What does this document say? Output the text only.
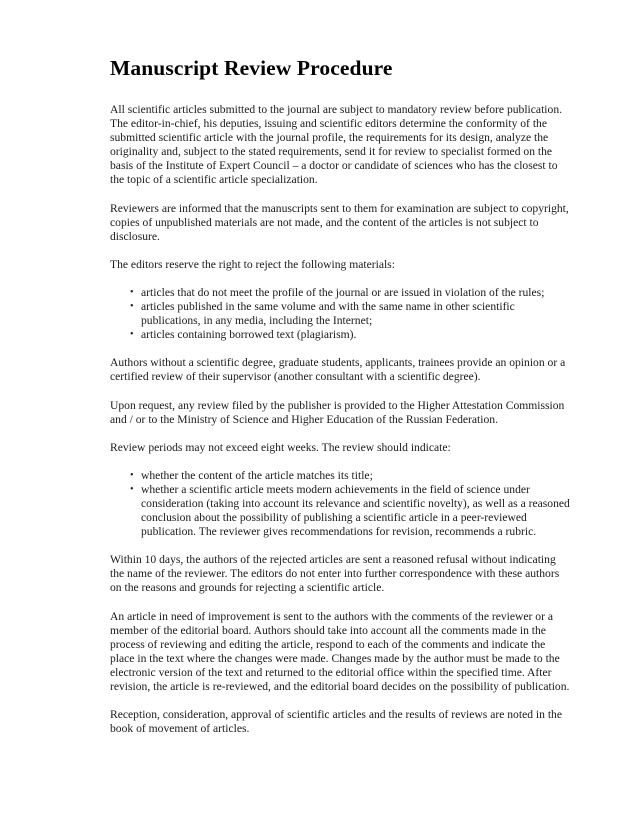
Manuscript Review Procedure

All scientific articles submitted to the journal are subject to mandatory review before publication. The editor-in-chief, his deputies, issuing and scientific editors determine the conformity of the submitted scientific article with the journal profile, the requirements for its design, analyze the originality and, subject to the stated requirements, send it for review to specialist formed on the basis of the Institute of Expert Council – a doctor or candidate of sciences who has the closest to the topic of a scientific article specialization.

Reviewers are informed that the manuscripts sent to them for examination are subject to copyright, copies of unpublished materials are not made, and the content of the articles is not subject to disclosure.

The editors reserve the right to reject the following materials:

• articles that do not meet the profile of the journal or are issued in violation of the rules;
• articles published in the same volume and with the same name in other scientific publications, in any media, including the Internet;
• articles containing borrowed text (plagiarism).

Authors without a scientific degree, graduate students, applicants, trainees provide an opinion or a certified review of their supervisor (another consultant with a scientific degree).

Upon request, any review filed by the publisher is provided to the Higher Attestation Commission and / or to the Ministry of Science and Higher Education of the Russian Federation.

Review periods may not exceed eight weeks. The review should indicate:

• whether the content of the article matches its title;
• whether a scientific article meets modern achievements in the field of science under consideration (taking into account its relevance and scientific novelty), as well as a reasoned conclusion about the possibility of publishing a scientific article in a peer-reviewed publication. The reviewer gives recommendations for revision, recommends a rubric.

Within 10 days, the authors of the rejected articles are sent a reasoned refusal without indicating the name of the reviewer. The editors do not enter into further correspondence with these authors on the reasons and grounds for rejecting a scientific article.

An article in need of improvement is sent to the authors with the comments of the reviewer or a member of the editorial board. Authors should take into account all the comments made in the process of reviewing and editing the article, respond to each of the comments and indicate the place in the text where the changes were made. Changes made by the author must be made to the electronic version of the text and returned to the editorial office within the specified time. After revision, the article is re-reviewed, and the editorial board decides on the possibility of publication.

Reception, consideration, approval of scientific articles and the results of reviews are noted in the book of movement of articles.
